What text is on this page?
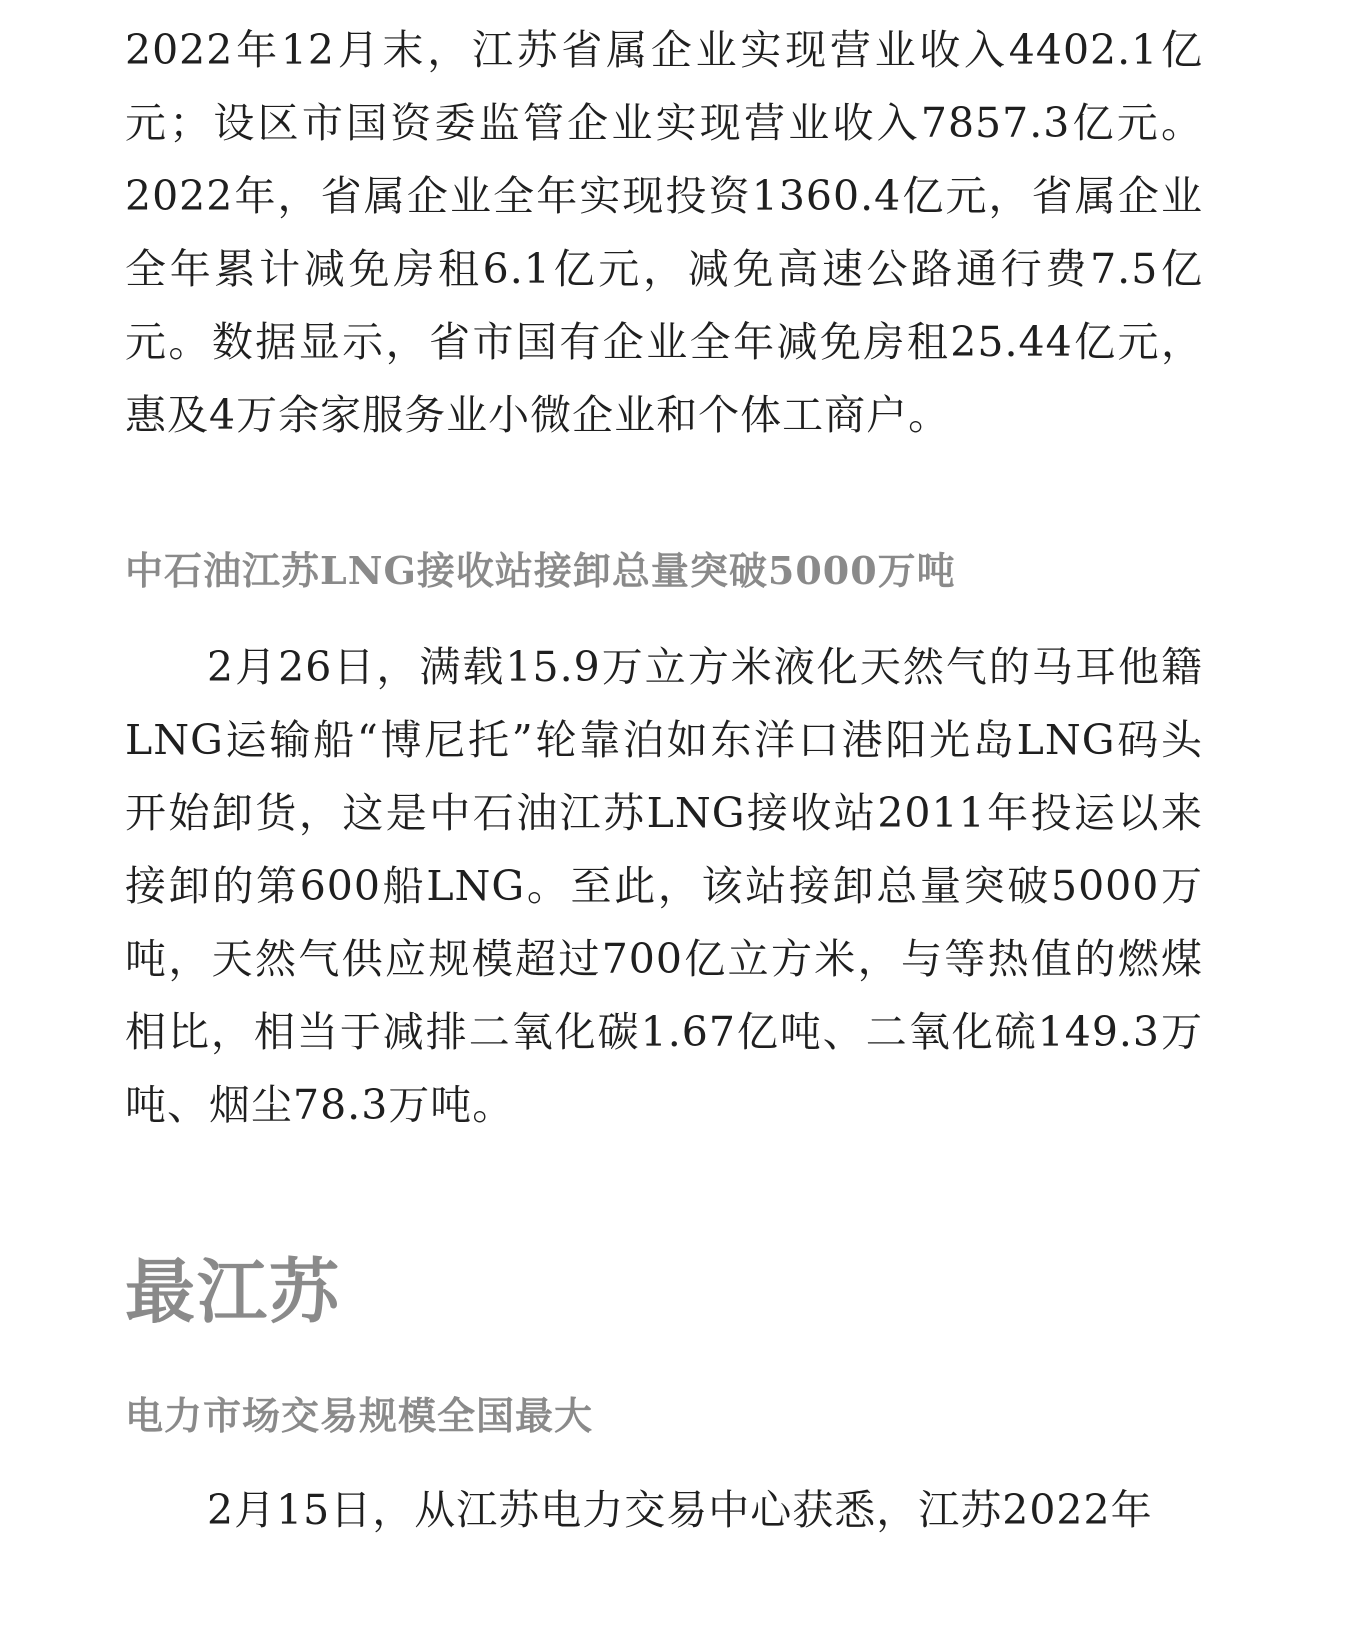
2022年12月末，江苏省属企业实现营业收入4402.1亿元；设区市国资委监管企业实现营业收入7857.3亿元。2022年，省属企业全年实现投资1360.4亿元，省属企业全年累计减免房租6.1亿元，减免高速公路通行费7.5亿元。数据显示，省市国有企业全年减免房租25.44亿元，惠及4万余家服务业小微企业和个体工商户。

中石油江苏LNG接收站接卸总量突破5000万吨

2月26日，满载15.9万立方米液化天然气的马耳他籍LNG运输船“博尼托”轮靠泊如东洋口港阳光岛LNG码头开始卸货，这是中石油江苏LNG接收站2011年投运以来接卸的第600船LNG。至此，该站接卸总量突破5000万吨，天然气供应规模超过700亿立方米，与等热值的燃煤相比，相当于减排二氧化碳1.67亿吨、二氧化硫149.3万吨、烟尘78.3万吨。

最江苏
电力市场交易规模全国最大

2月15日，从江苏电力交易中心获悉，江苏2022年
